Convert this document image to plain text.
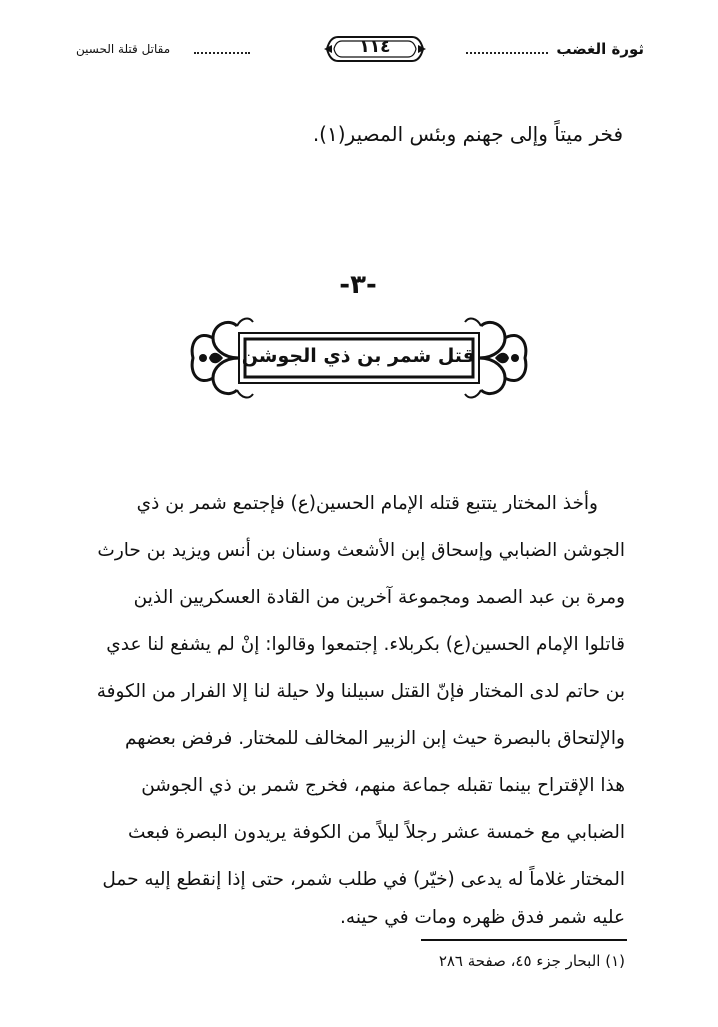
ثورة الغضب
١١٤
مقاتل قتلة الحسين
فخر ميتاً وإلى جهنم وبئس المصير(١).
-٣-
قتل شمر بن ذي الجوشن
وأخذ المختار يتتبع قتله الإمام الحسين(ع) فإجتمع شمر بن ذي
الجوشن الضبابي وإسحاق إبن الأشعث وسنان بن أنس ويزيد بن حارث
ومرة بن عبد الصمد ومجموعة آخرين من القادة العسكريين الذين
قاتلوا الإمام الحسين(ع) بكربلاء. إجتمعوا وقالوا: إنْ لم يشفع لنا عدي
بن حاتم لدى المختار فإنّ القتل سبيلنا ولا حيلة لنا إلا الفرار من الكوفة
والإلتحاق بالبصرة حيث إبن الزبير المخالف للمختار. فرفض بعضهم
هذا الإقتراح بينما تقبله جماعة منهم، فخرج شمر بن ذي الجوشن
الضبابي مع خمسة عشر رجلاً ليلاً من الكوفة يريدون البصرة فبعث
المختار غلاماً له يدعى (خيّر) في طلب شمر، حتى إذا إنقطع إليه حمل
عليه شمر فدق ظهره ومات في حينه.
(١) البحار جزء ٤٥، صفحة ٢٨٦
